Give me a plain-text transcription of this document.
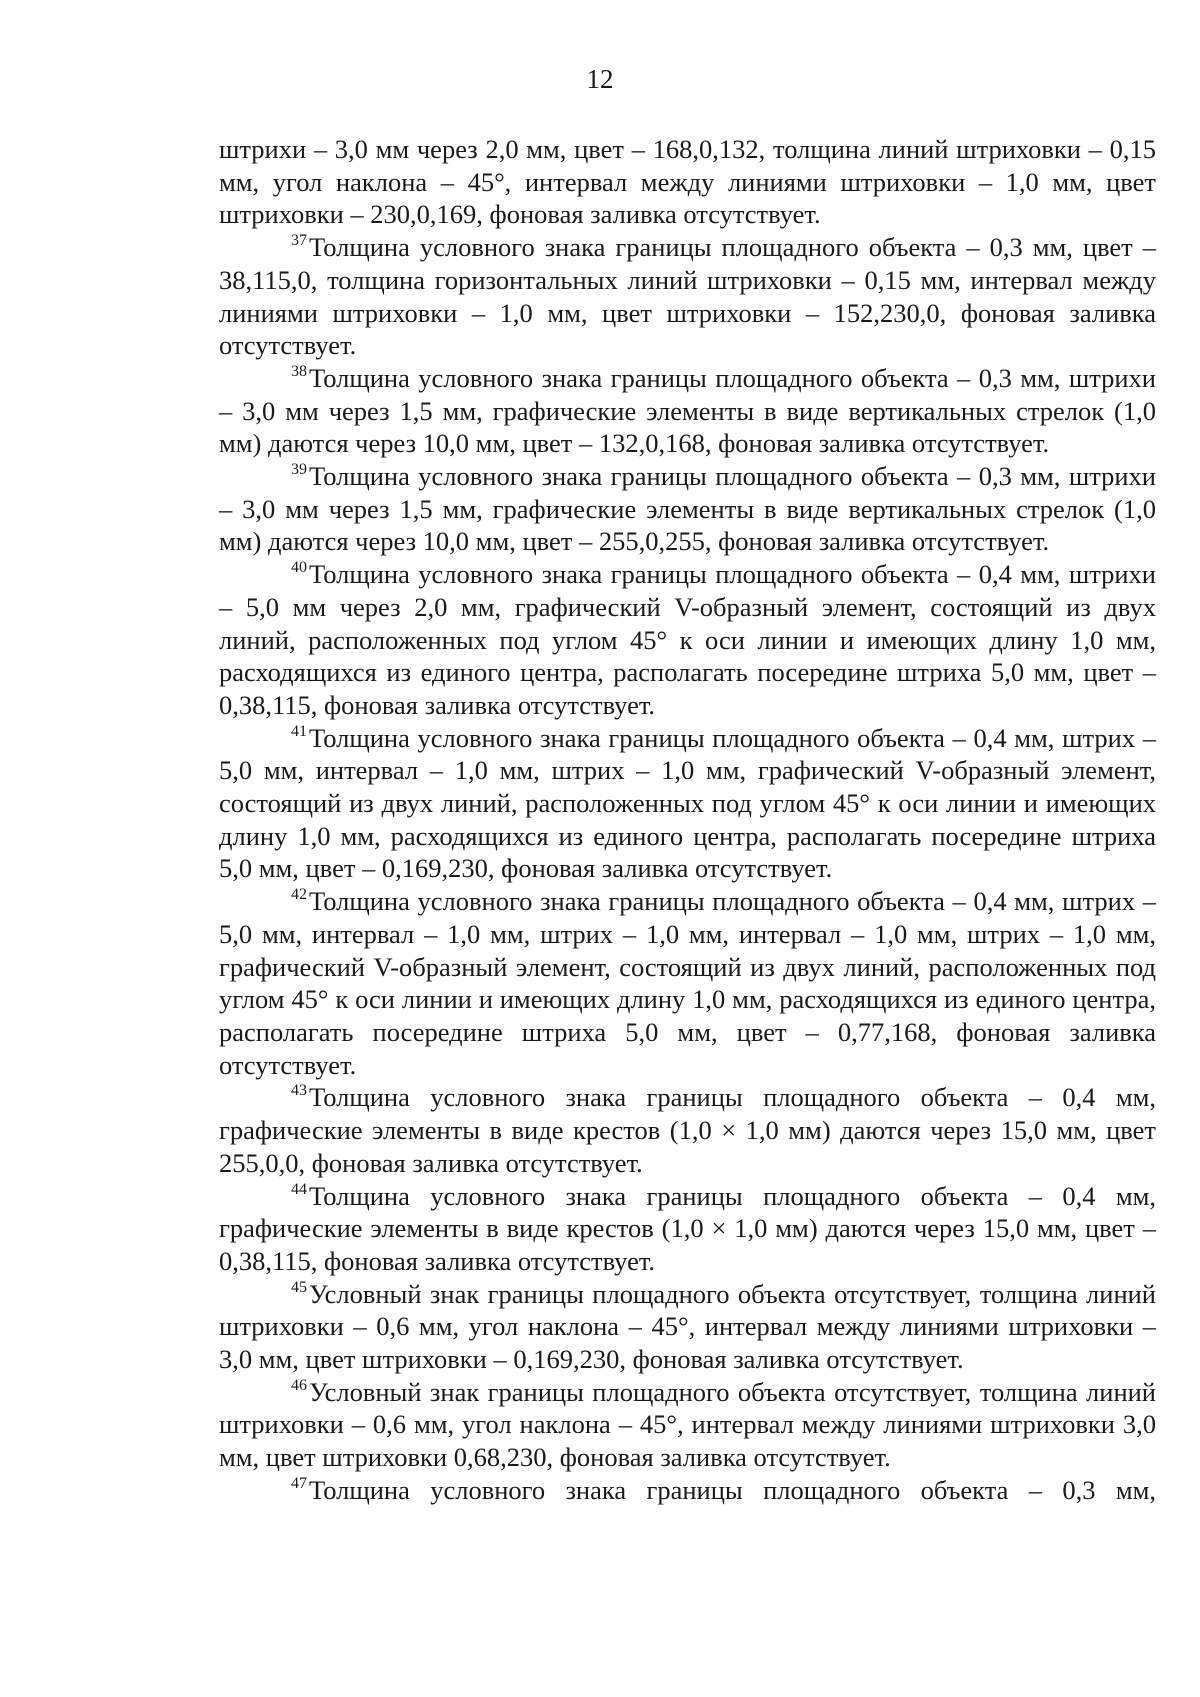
12

штрихи – 3,0 мм через 2,0 мм, цвет – 168,0,132, толщина линий штриховки – 0,15 мм, угол наклона – 45°, интервал между линиями штриховки – 1,0 мм, цвет штриховки – 230,0,169, фоновая заливка отсутствует.

$^{37}$Толщина условного знака границы площадного объекта – 0,3 мм, цвет – 38,115,0, толщина горизонтальных линий штриховки – 0,15 мм, интервал между линиями штриховки – 1,0 мм, цвет штриховки – 152,230,0, фоновая заливка отсутствует.

$^{38}$Толщина условного знака границы площадного объекта – 0,3 мм, штрихи – 3,0 мм через 1,5 мм, графические элементы в виде вертикальных стрелок (1,0 мм) даются через 10,0 мм, цвет – 132,0,168, фоновая заливка отсутствует.

$^{39}$Толщина условного знака границы площадного объекта – 0,3 мм, штрихи – 3,0 мм через 1,5 мм, графические элементы в виде вертикальных стрелок (1,0 мм) даются через 10,0 мм, цвет – 255,0,255, фоновая заливка отсутствует.

$^{40}$Толщина условного знака границы площадного объекта – 0,4 мм, штрихи – 5,0 мм через 2,0 мм, графический V-образный элемент, состоящий из двух линий, расположенных под углом 45° к оси линии и имеющих длину 1,0 мм, расходящихся из единого центра, располагать посередине штриха 5,0 мм, цвет – 0,38,115, фоновая заливка отсутствует.

$^{41}$Толщина условного знака границы площадного объекта – 0,4 мм, штрих – 5,0 мм, интервал – 1,0 мм, штрих – 1,0 мм, графический V-образный элемент, состоящий из двух линий, расположенных под углом 45° к оси линии и имеющих длину 1,0 мм, расходящихся из единого центра, располагать посередине штриха 5,0 мм, цвет – 0,169,230, фоновая заливка отсутствует.

$^{42}$Толщина условного знака границы площадного объекта – 0,4 мм, штрих – 5,0 мм, интервал – 1,0 мм, штрих – 1,0 мм, интервал – 1,0 мм, штрих – 1,0 мм, графический V-образный элемент, состоящий из двух линий, расположенных под углом 45° к оси линии и имеющих длину 1,0 мм, расходящихся из единого центра, располагать посередине штриха 5,0 мм, цвет – 0,77,168, фоновая заливка отсутствует.

$^{43}$Толщина условного знака границы площадного объекта – 0,4 мм, графические элементы в виде крестов (1,0 × 1,0 мм) даются через 15,0 мм, цвет 255,0,0, фоновая заливка отсутствует.

$^{44}$Толщина условного знака границы площадного объекта – 0,4 мм, графические элементы в виде крестов (1,0 × 1,0 мм) даются через 15,0 мм, цвет – 0,38,115, фоновая заливка отсутствует.

$^{45}$Условный знак границы площадного объекта отсутствует, толщина линий штриховки – 0,6 мм, угол наклона – 45°, интервал между линиями штриховки – 3,0 мм, цвет штриховки – 0,169,230, фоновая заливка отсутствует.

$^{46}$Условный знак границы площадного объекта отсутствует, толщина линий штриховки – 0,6 мм, угол наклона – 45°, интервал между линиями штриховки 3,0 мм, цвет штриховки 0,68,230, фоновая заливка отсутствует.

$^{47}$Толщина условного знака границы площадного объекта – 0,3 мм,
